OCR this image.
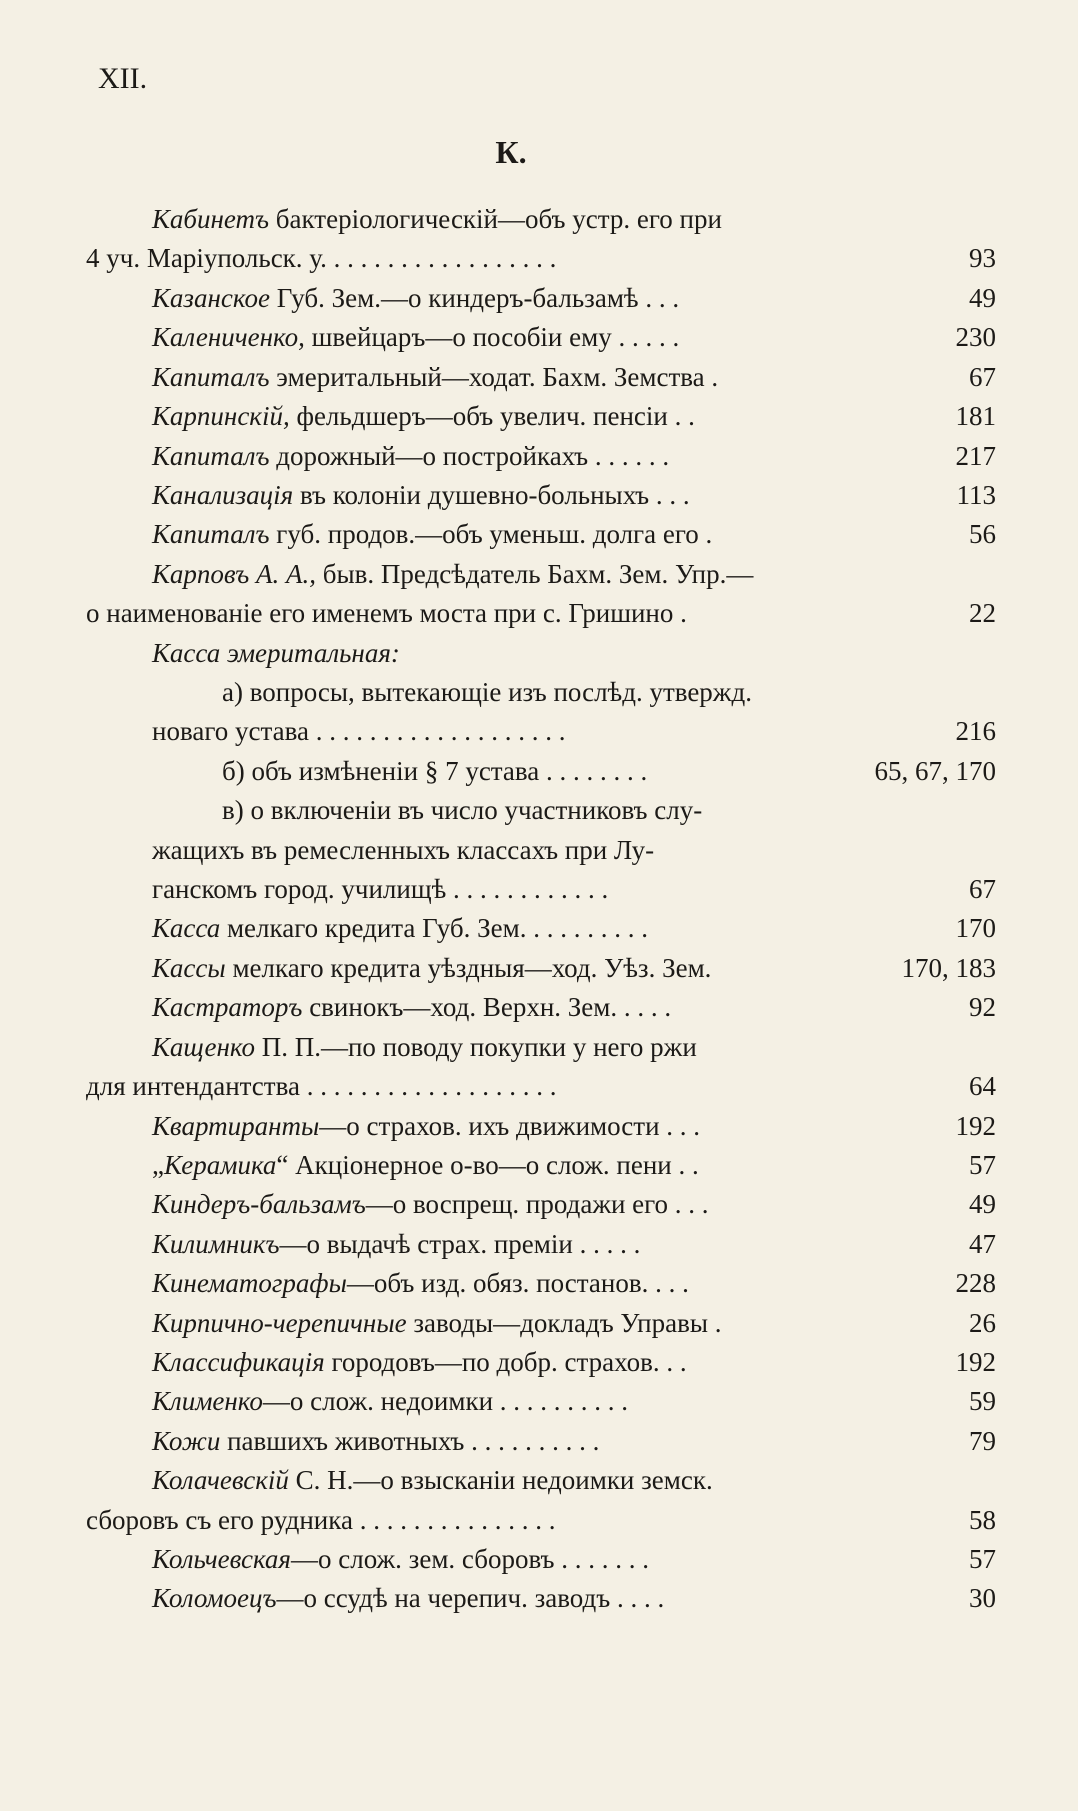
XII.
К.
Кабинетъ бактеріологическій—объ устр. его при
4 уч. Маріупольск. у. . . . . . . . . . . . . . . . . .	93
Казанское Губ. Зем.—о киндеръ-бальзамѣ . . .	49
Калениченко, швейцаръ—о пособіи ему . . . . .	230
Капиталъ эмеритальный—ходат. Бахм. Земства .	67
Карпинскій, фельдшеръ—объ увелич. пенсіи . .	181
Капиталъ дорожный—о постройкахъ . . . . . .	217
Канализація въ колоніи душевно-больныхъ . . .	113
Капиталъ губ. продов.—объ уменьш. долга его .	56
Карповъ А. А., быв. Предсѣдатель Бахм. Зем. Упр.—
о наименованіе его именемъ моста при с. Гришино .	22
Касса эмеритальная:
а) вопросы, вытекающіе изъ послѣд. утвержд.
новаго устава . . . . . . . . . . . . . . . . . . .	216
б) объ измѣненіи § 7 устава . . . . . . . .	65, 67, 170
в) о включеніи въ число участниковъ слу-
жащихъ въ ремесленныхъ классахъ при Лу-
ганскомъ город. училищѣ . . . . . . . . . . . .	67
Касса мелкаго кредита Губ. Зем. . . . . . . . . .	170
Кассы мелкаго кредита уѣздныя—ход. Уѣз. Зем.	170, 183
Кастраторъ свинокъ—ход. Верхн. Зем. . . . .	92
Кащенко П. П.—по поводу покупки у него ржи
для интендантства . . . . . . . . . . . . . . . . . . .	64
Квартиранты—о страхов. ихъ движимости . . .	192
„Керамика“ Акціонерное о-во—о слож. пени . .	57
Киндеръ-бальзамъ—о воспрещ. продажи его . . .	49
Килимникъ—о выдачѣ страх. преміи . . . . .	47
Кинематографы—объ изд. обяз. постанов. . . .	228
Кирпично-черепичные заводы—докладъ Управы .	26
Классификація городовъ—по добр. страхов. . .	192
Клименко—о слож. недоимки . . . . . . . . . .	59
Кожи павшихъ животныхъ . . . . . . . . . .	79
Колачевскій С. Н.—о взысканіи недоимки земск.
сборовъ съ его рудника . . . . . . . . . . . . . . .	58
Кольчевская—о слож. зем. сборовъ . . . . . . .	57
Коломоецъ—о ссудѣ на черепич. заводъ . . . .	30
